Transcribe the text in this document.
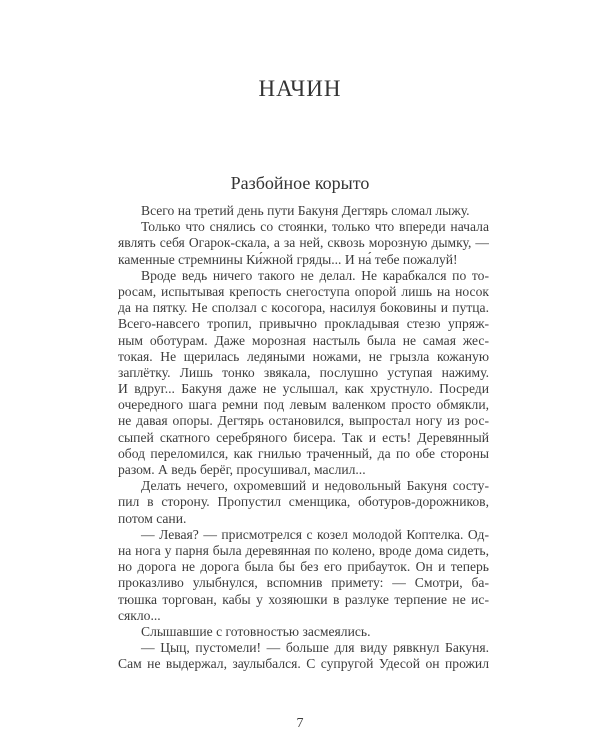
НАЧИН
Разбойное корыто
Всего на третий день пути Бакуня Дегтярь сломал лыжу.
Только что снялись со стоянки, только что впереди начала
являть себя Огарок-скала, а за ней, сквозь морозную дымку, —
каменные стремнины Ки́жной гряды... И на́ тебе пожалуй!
Вроде ведь ничего такого не делал. Не карабкался по то-
росам, испытывая крепость снегоступа опорой лишь на носок
да на пятку. Не сползал с косогора, насилуя боковины и путца.
Всего-навсего тропил, привычно прокладывая стезю упряж-
ным оботурам. Даже морозная настыль была не самая жес-
токая. Не щерилась ледяными ножами, не грызла кожаную
заплётку. Лишь тонко звякала, послушно уступая нажиму.
И вдруг... Бакуня даже не услышал, как хрустнуло. Посреди
очередного шага ремни под левым валенком просто обмякли,
не давая опоры. Дегтярь остановился, выпростал ногу из рос-
сыпей скатного серебряного бисера. Так и есть! Деревянный
обод переломился, как гнилью траченный, да по обе стороны
разом. А ведь берёг, просушивал, маслил...
Делать нечего, охромевший и недовольный Бакуня состу-
пил в сторону. Пропустил сменщика, оботуров-дорожников,
потом сани.
— Левая? — присмотрелся с козел молодой Коптелка. Од-
на нога у парня была деревянная по колено, вроде дома сидеть,
но дорога не дорога была бы без его прибауток. Он и теперь
проказливо улыбнулся, вспомнив примету: — Смотри, ба-
тюшка торгован, кабы у хозяюшки в разлуке терпение не ис-
сякло...
Слышавшие с готовностью засмеялись.
— Цыц, пустомели! — больше для виду рявкнул Бакуня.
Сам не выдержал, заулыбался. С супругой Удесой он прожил
7
